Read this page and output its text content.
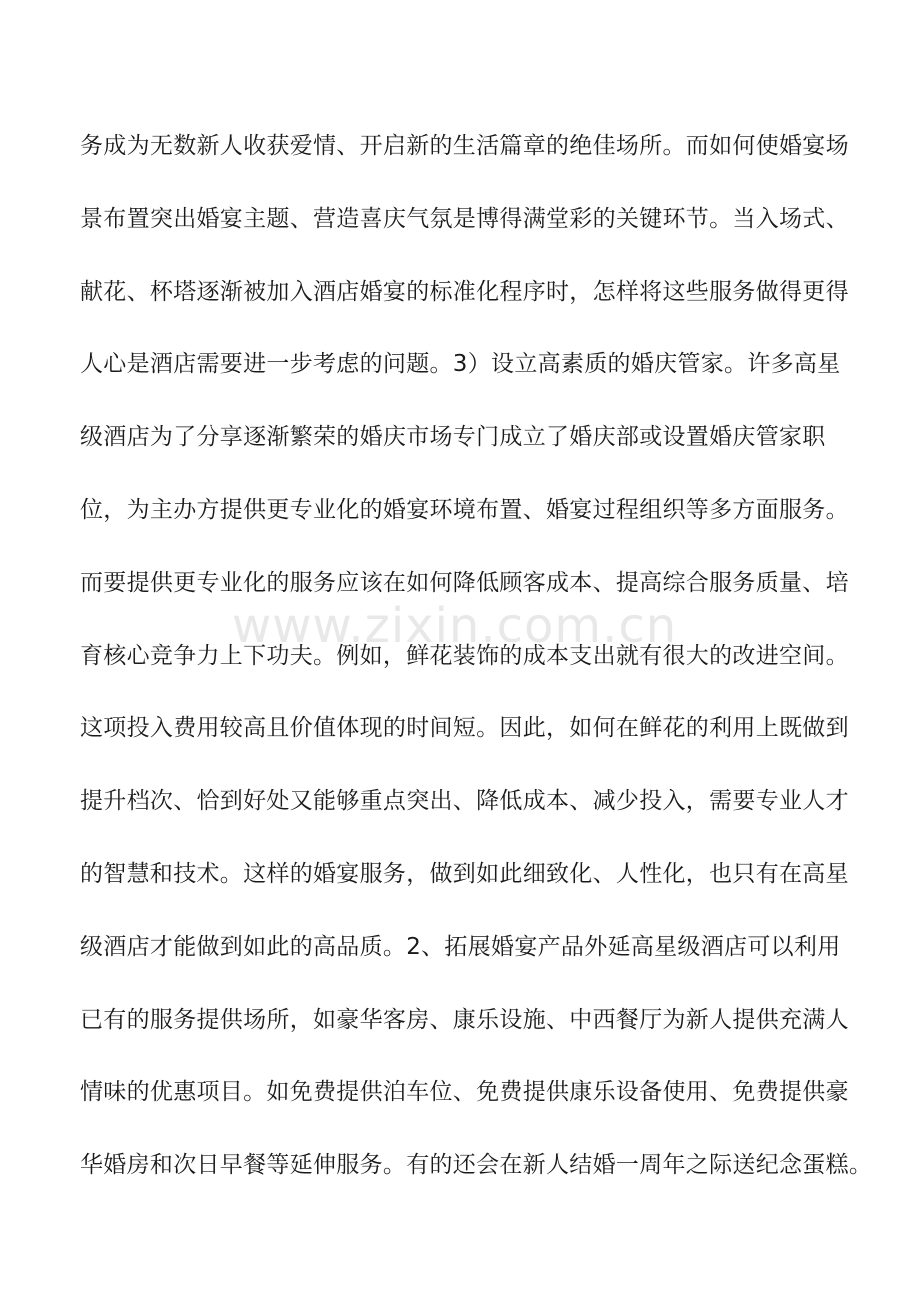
务成为无数新人收获爱情、开启新的生活篇章的绝佳场所。而如何使婚宴场
景布置突出婚宴主题、营造喜庆气氛是博得满堂彩的关键环节。当入场式、
献花、杯塔逐渐被加入酒店婚宴的标准化程序时，怎样将这些服务做得更得
人心是酒店需要进一步考虑的问题。3）设立高素质的婚庆管家。许多高星
级酒店为了分享逐渐繁荣的婚庆市场专门成立了婚庆部或设置婚庆管家职
位，为主办方提供更专业化的婚宴环境布置、婚宴过程组织等多方面服务。
而要提供更专业化的服务应该在如何降低顾客成本、提高综合服务质量、培
育核心竞争力上下功夫。例如，鲜花装饰的成本支出就有很大的改进空间。
这项投入费用较高且价值体现的时间短。因此，如何在鲜花的利用上既做到
提升档次、恰到好处又能够重点突出、降低成本、减少投入，需要专业人才
的智慧和技术。这样的婚宴服务，做到如此细致化、人性化，也只有在高星
级酒店才能做到如此的高品质。2、拓展婚宴产品外延高星级酒店可以利用
已有的服务提供场所，如豪华客房、康乐设施、中西餐厅为新人提供充满人
情味的优惠项目。如免费提供泊车位、免费提供康乐设备使用、免费提供豪
华婚房和次日早餐等延伸服务。有的还会在新人结婚一周年之际送纪念蛋糕。
www.zixin.com.cn
